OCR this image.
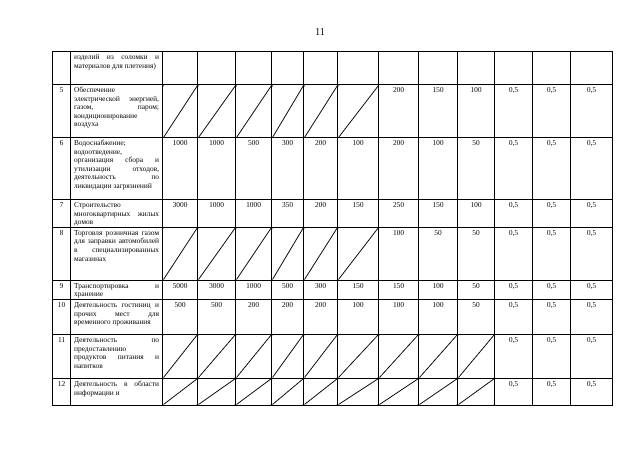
11
	изделий из соломки и материалов для плетения)												
5	Обеспечение электрической энергией, газом, паром; кондиционирование воздуха							200	150	100	0,5	0,5	0,5
6	Водоснабжение; водоотведение, организация сбора и утилизации отходов, деятельность по ликвидации загрязнений	1000	1000	500	300	200	100	200	100	50	0,5	0,5	0,5
7	Строительство многоквартирных жилых домов	3000	1000	1000	350	200	150	250	150	100	0,5	0,5	0,5
8	Торговля розничная газом для заправки автомобилей в специализированных магазинах							100	50	50	0,5	0,5	0,5
9	Транспортировка и хранение	5000	3000	1000	500	300	150	150	100	50	0,5	0,5	0,5
10	Деятельность гостиниц и прочих мест для временного проживания	500	500	200	200	200	100	100	100	50	0,5	0,5	0,5
11	Деятельность по предоставлению продуктов питания и напитков										0,5	0,5	0,5
12	Деятельность в области информации и										0,5	0,5	0,5
